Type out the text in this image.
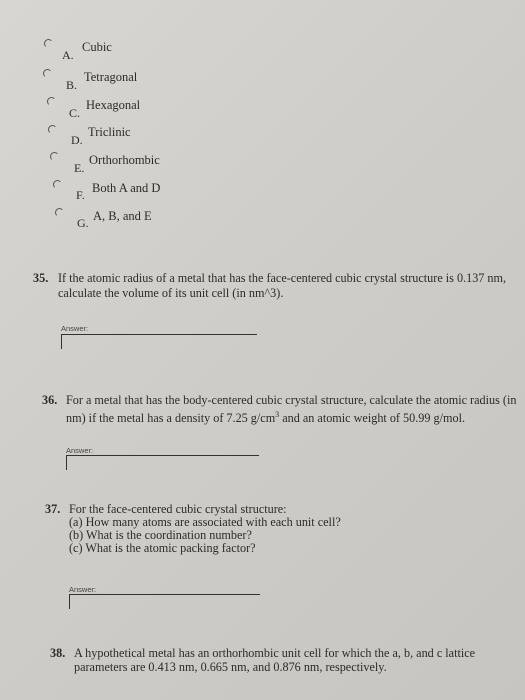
A.
Cubic
B.
Tetragonal
C.
Hexagonal
D.
Triclinic
E.
Orthorhombic
F. Both A and D
G. A, B, and E
35. If the atomic radius of a metal that has the face-centered cubic crystal structure is 0.137 nm,
calculate the volume of its unit cell (in nm^3).
Answer:
36. For a metal that has the body-centered cubic crystal structure, calculate the atomic radius (in
nm) if the metal has a density of 7.25 $g/cm^3$ and an atomic weight of 50.99 g/mol.
Answer:
37. For the face-centered cubic crystal structure:
(a) How many atoms are associated with each unit cell?
(b) What is the coordination number?
(c) What is the atomic packing factor?
Answer:
38. A hypothetical metal has an orthorhombic unit cell for which the a, b, and c lattice
parameters are 0.413 nm, 0.665 nm, and 0.876 nm, respectively.
